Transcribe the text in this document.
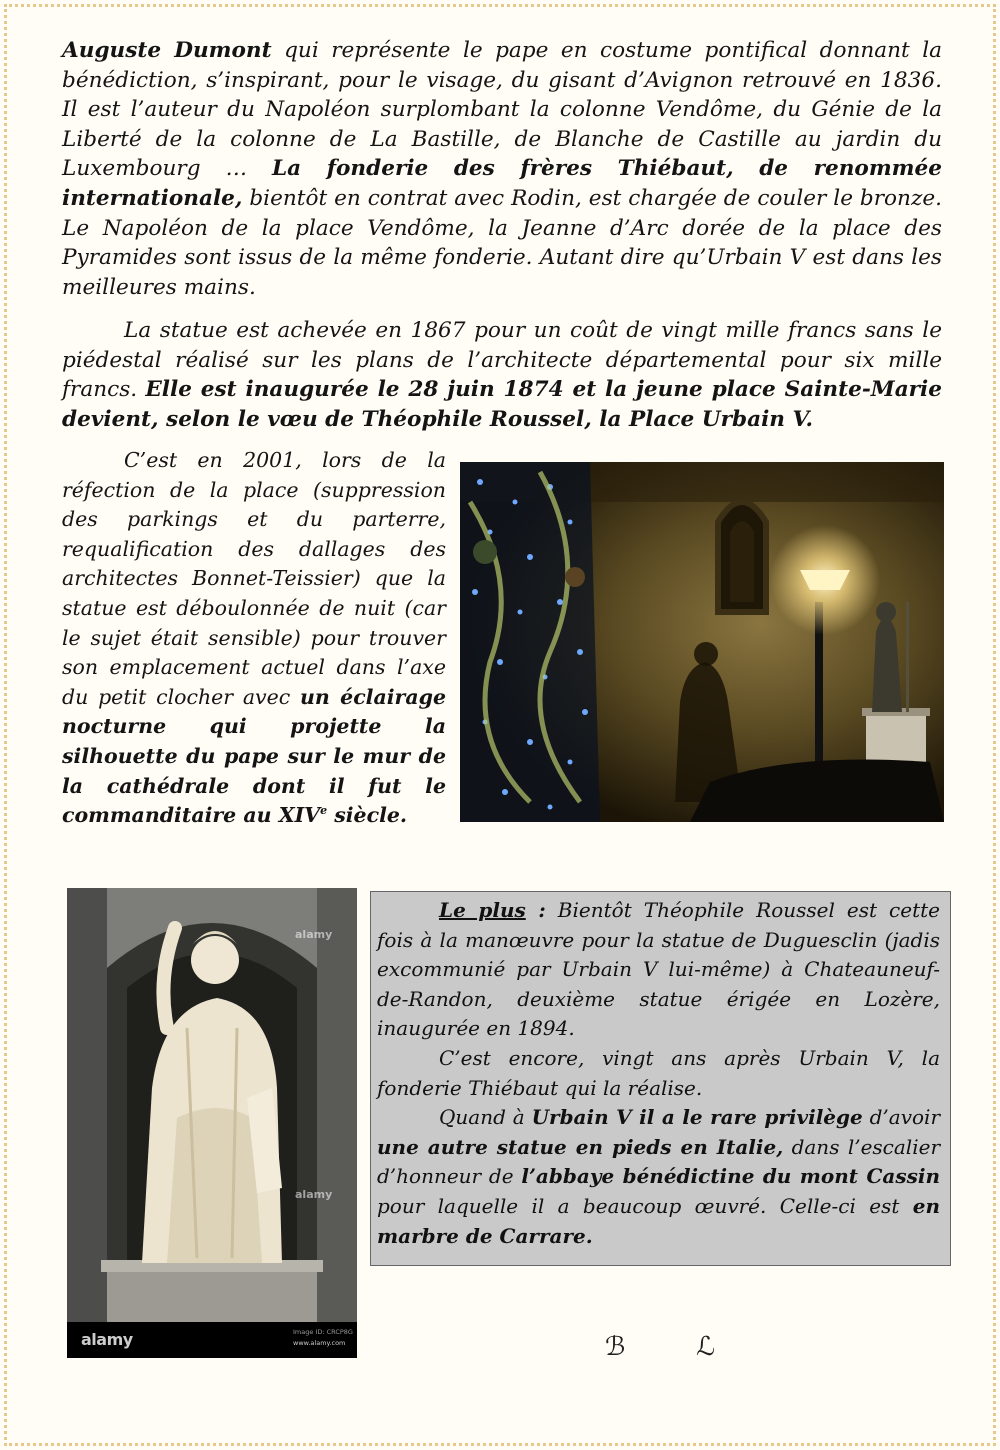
Auguste Dumont qui représente le pape en costume pontifical donnant la bénédiction, s’inspirant, pour le visage, du gisant d’Avignon retrouvé en 1836. Il est l’auteur du Napoléon surplombant la colonne Vendôme, du Génie de la Liberté de la colonne de La Bastille, de Blanche de Castille au jardin du Luxembourg … La fonderie des frères Thiébaut, de renommée internationale, bientôt en contrat avec Rodin, est chargée de couler le bronze. Le Napoléon de la place Vendôme, la Jeanne d’Arc dorée de la place des Pyramides sont issus de la même fonderie. Autant dire qu’Urbain V est dans les meilleures mains.
La statue est achevée en 1867 pour un coût de vingt mille francs sans le piédestal réalisé sur les plans de l’architecte départemental pour six mille francs. Elle est inaugurée le 28 juin 1874 et la jeune place Sainte-Marie devient, selon le vœu de Théophile Roussel, la Place Urbain V.
C’est en 2001, lors de la réfection de la place (suppression des parkings et du parterre, requalification des dallages des architectes Bonnet-Teissier) que la statue est déboulonnée de nuit (car le sujet était sensible) pour trouver son emplacement actuel dans l’axe du petit clocher avec un éclairage nocturne qui projette la silhouette du pape sur le mur de la cathédrale dont il fut le commanditaire au XIVe siècle.
alamy
alamy
alamy	Image ID: CRCP8G
www.alamy.com

Le plus : Bientôt Théophile Roussel est cette fois à la manœuvre pour la statue de Duguesclin (jadis excommunié par Urbain V lui-même) à Chateauneuf-de-Randon, deuxième statue érigée en Lozère, inaugurée en 1894.

C’est encore, vingt ans après Urbain V, la fonderie Thiébaut qui la réalise.

Quand à Urbain V il a le rare privilège d’avoir une autre statue en pieds en Italie, dans l’escalier d’honneur de l’abbaye bénédictine du mont Cassin pour laquelle il a beaucoup œuvré. Celle-ci est en marbre de Carrare.

ℬ	ℒ
